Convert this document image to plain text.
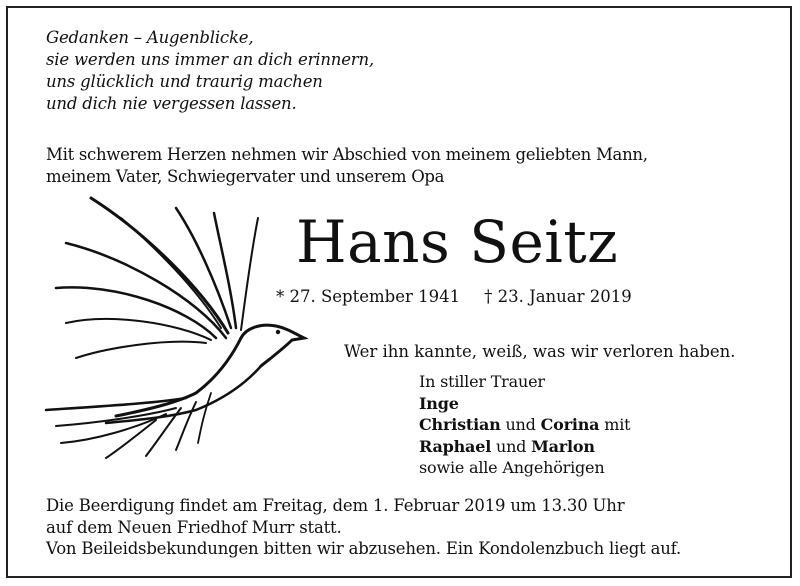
Gedanken – Augenblicke,
sie werden uns immer an dich erinnern,
uns glücklich und traurig machen
und dich nie vergessen lassen.
Mit schwerem Herzen nehmen wir Abschied von meinem geliebten Mann,
meinem Vater, Schwiegervater und unserem Opa
Hans Seitz
* 27. September 1941 † 23. Januar 2019
Wer ihn kannte, weiß, was wir verloren haben.
In stiller Trauer
Inge
Christian und Corina mit
Raphael und Marlon
sowie alle Angehörigen
Die Beerdigung findet am Freitag, dem 1. Februar 2019 um 13.30 Uhr
auf dem Neuen Friedhof Murr statt.
Von Beileidsbekundungen bitten wir abzusehen. Ein Kondolenzbuch liegt auf.
